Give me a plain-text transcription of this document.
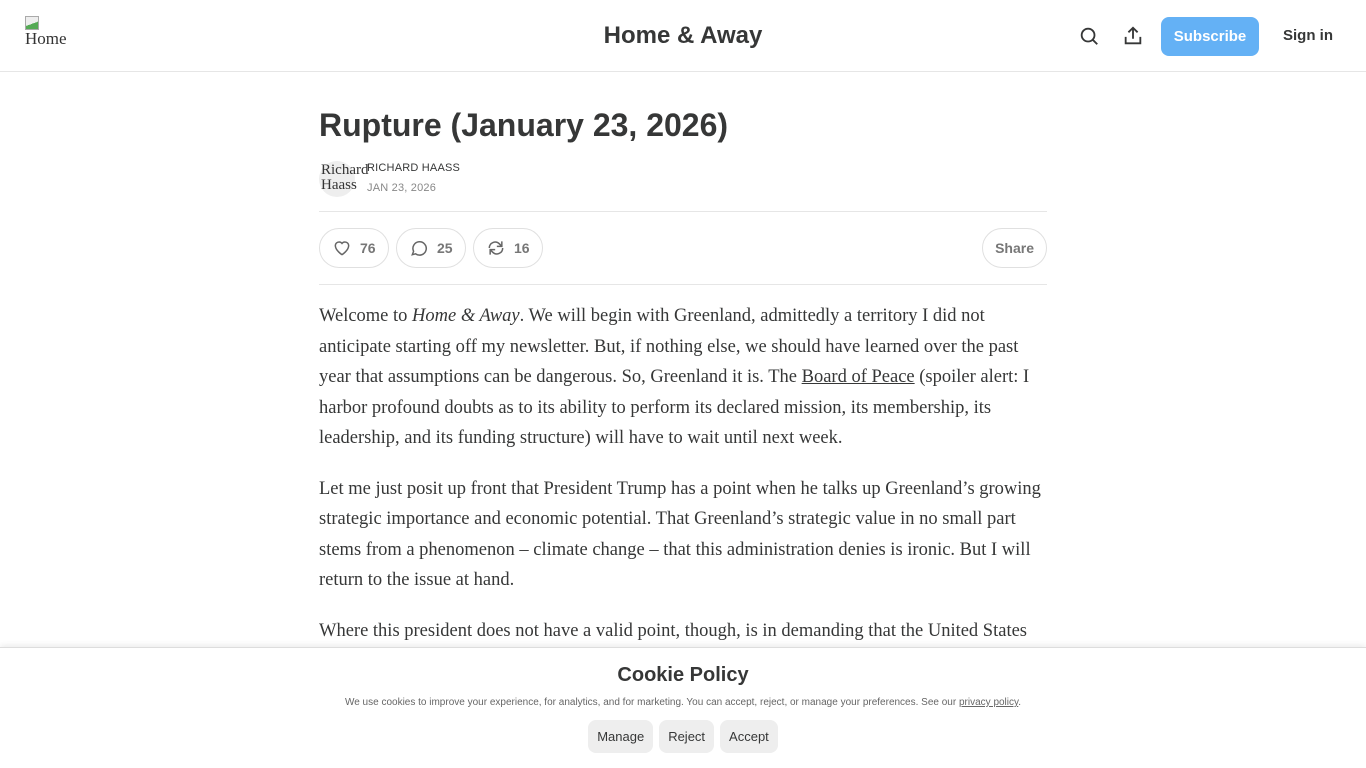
Home	Home & Away	Subscribe	Sign in
Rupture (January 23, 2026)
Richard Haass
RICHARD HAASS
JAN 23, 2026
76	25	16	Share

Welcome to Home & Away. We will begin with Greenland, admittedly a territory I did not anticipate starting off my newsletter. But, if nothing else, we should have learned over the past year that assumptions can be dangerous. So, Greenland it is. The Board of Peace (spoiler alert: I harbor profound doubts as to its ability to perform its declared mission, its membership, its leadership, and its funding structure) will have to wait until next week.

Let me just posit up front that President Trump has a point when he talks up Greenland’s growing strategic importance and economic potential. That Greenland’s strategic value in no small part stems from a phenomenon – climate change – that this administration denies is ironic. But I will return to the issue at hand.

Where this president does not have a valid point, though, is in demanding that the United States

Cookie Policy
We use cookies to improve your experience, for analytics, and for marketing. You can accept, reject, or manage your preferences. See our privacy policy.
Manage	Reject	Accept
